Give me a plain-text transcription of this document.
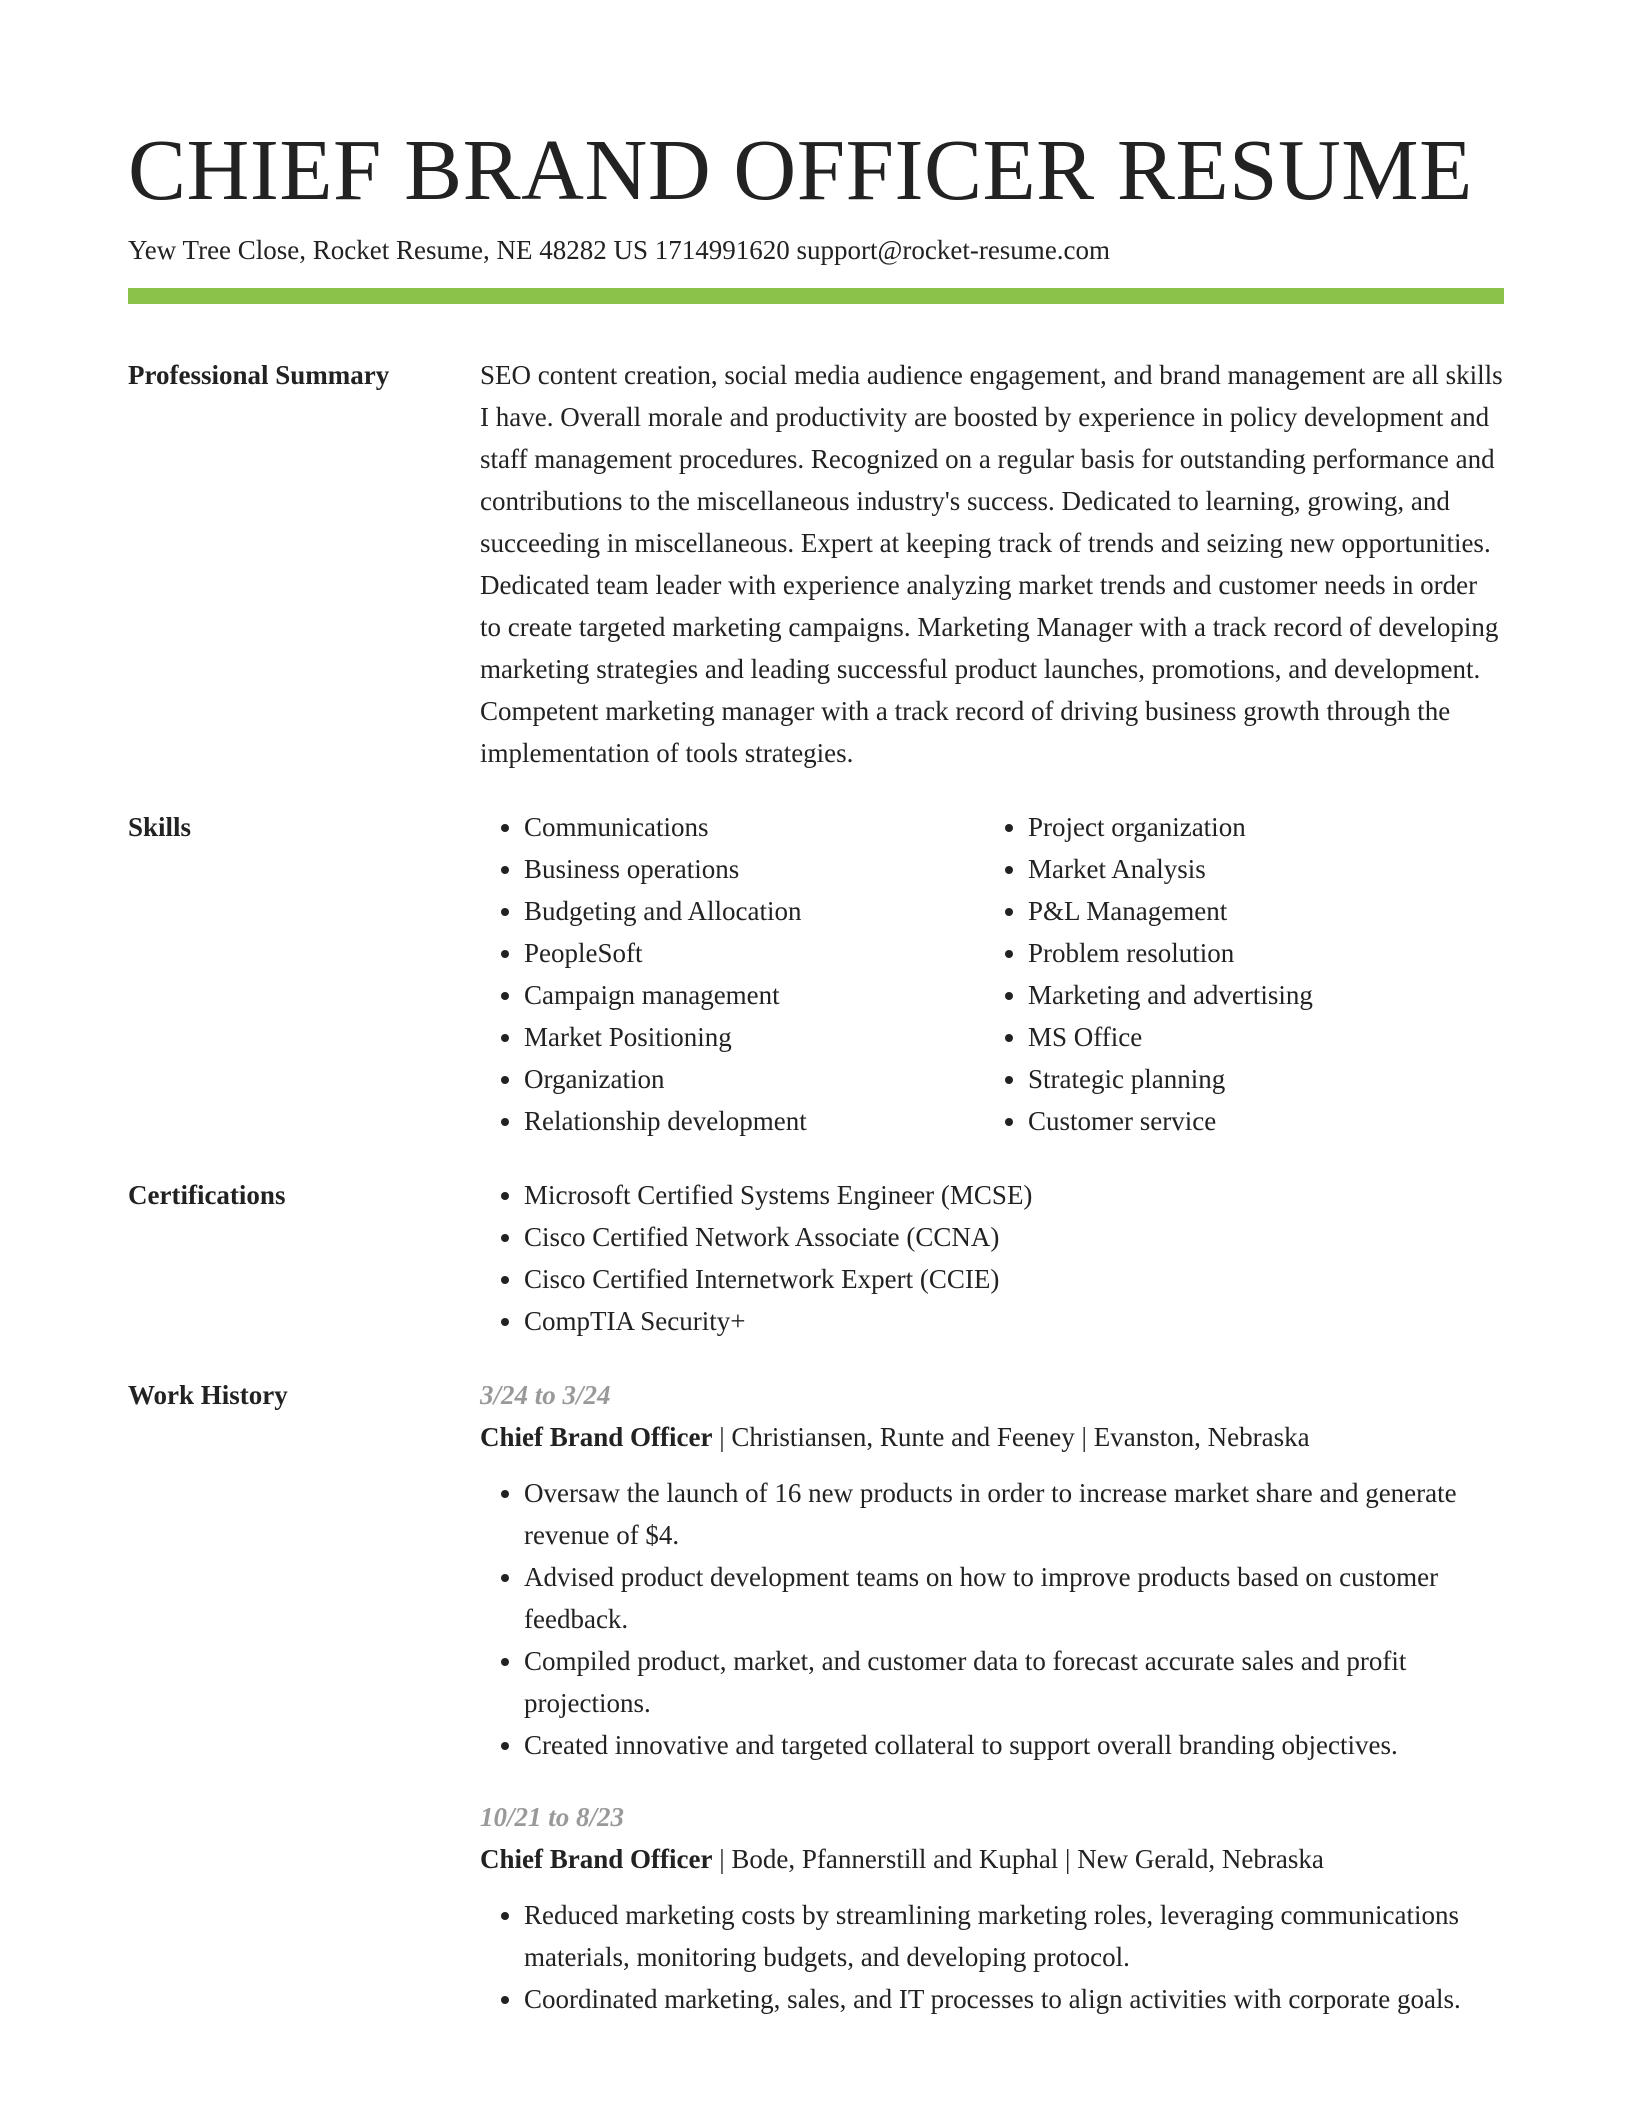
CHIEF BRAND OFFICER RESUME
Yew Tree Close, Rocket Resume, NE 48282 US 1714991620 support@rocket-resume.com
Professional Summary	SEO content creation, social media audience engagement, and brand management are all skills I have. Overall morale and productivity are boosted by experience in policy development and staff management procedures. Recognized on a regular basis for outstanding performance and contributions to the miscellaneous industry's success. Dedicated to learning, growing, and succeeding in miscellaneous. Expert at keeping track of trends and seizing new opportunities. Dedicated team leader with experience analyzing market trends and customer needs in order to create targeted marketing campaigns. Marketing Manager with a track record of developing marketing strategies and leading successful product launches, promotions, and development. Competent marketing manager with a track record of driving business growth through the implementation of tools strategies.

Skills	• Communications
• Business operations
• Budgeting and Allocation
• PeopleSoft
• Campaign management
• Market Positioning
• Organization
• Relationship development
• Project organization
• Market Analysis
• P&L Management
• Problem resolution
• Marketing and advertising
• MS Office
• Strategic planning
• Customer service
Certifications	• Microsoft Certified Systems Engineer (MCSE)
• Cisco Certified Network Associate (CCNA)
• Cisco Certified Internetwork Expert (CCIE)
• CompTIA Security+
Work History	3/24 to 3/24
Chief Brand Officer | Christiansen, Runte and Feeney | Evanston, Nebraska
• Oversaw the launch of 16 new products in order to increase market share and generate revenue of $4.
• Advised product development teams on how to improve products based on customer feedback.
• Compiled product, market, and customer data to forecast accurate sales and profit projections.
• Created innovative and targeted collateral to support overall branding objectives.
10/21 to 8/23
Chief Brand Officer | Bode, Pfannerstill and Kuphal | New Gerald, Nebraska
• Reduced marketing costs by streamlining marketing roles, leveraging communications materials, monitoring budgets, and developing protocol.
• Coordinated marketing, sales, and IT processes to align activities with corporate goals.
